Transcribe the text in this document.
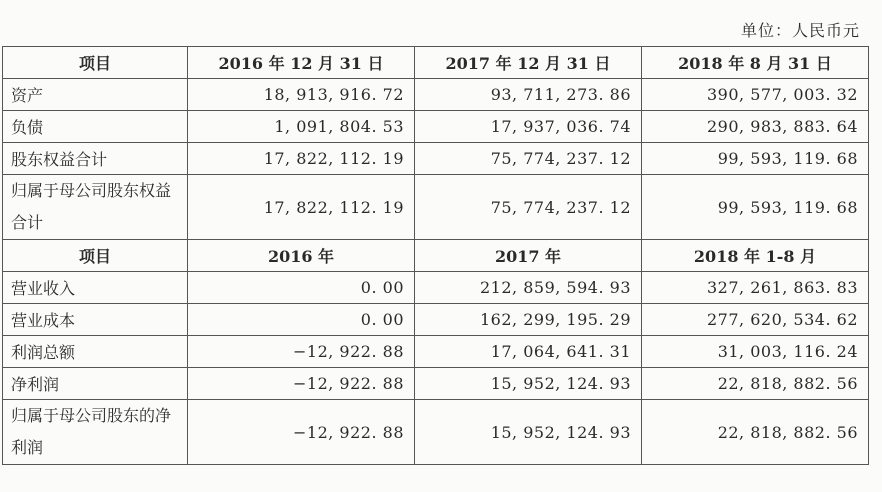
单位：人民币元
项目	2016 年 12 月 31 日	2017 年 12 月 31 日	2018 年 8 月 31 日
资产	18, 913, 916. 72	93, 711, 273. 86	390, 577, 003. 32
负债	1, 091, 804. 53	17, 937, 036. 74	290, 983, 883. 64
股东权益合计	17, 822, 112. 19	75, 774, 237. 12	99, 593, 119. 68
归属于母公司股东权益合计	17, 822, 112. 19	75, 774, 237. 12	99, 593, 119. 68
项目	2016 年	2017 年	2018 年 1-8 月
营业收入	0. 00	212, 859, 594. 93	327, 261, 863. 83
营业成本	0. 00	162, 299, 195. 29	277, 620, 534. 62
利润总额	−12, 922. 88	17, 064, 641. 31	31, 003, 116. 24
净利润	−12, 922. 88	15, 952, 124. 93	22, 818, 882. 56
归属于母公司股东的净利润	−12, 922. 88	15, 952, 124. 93	22, 818, 882. 56
